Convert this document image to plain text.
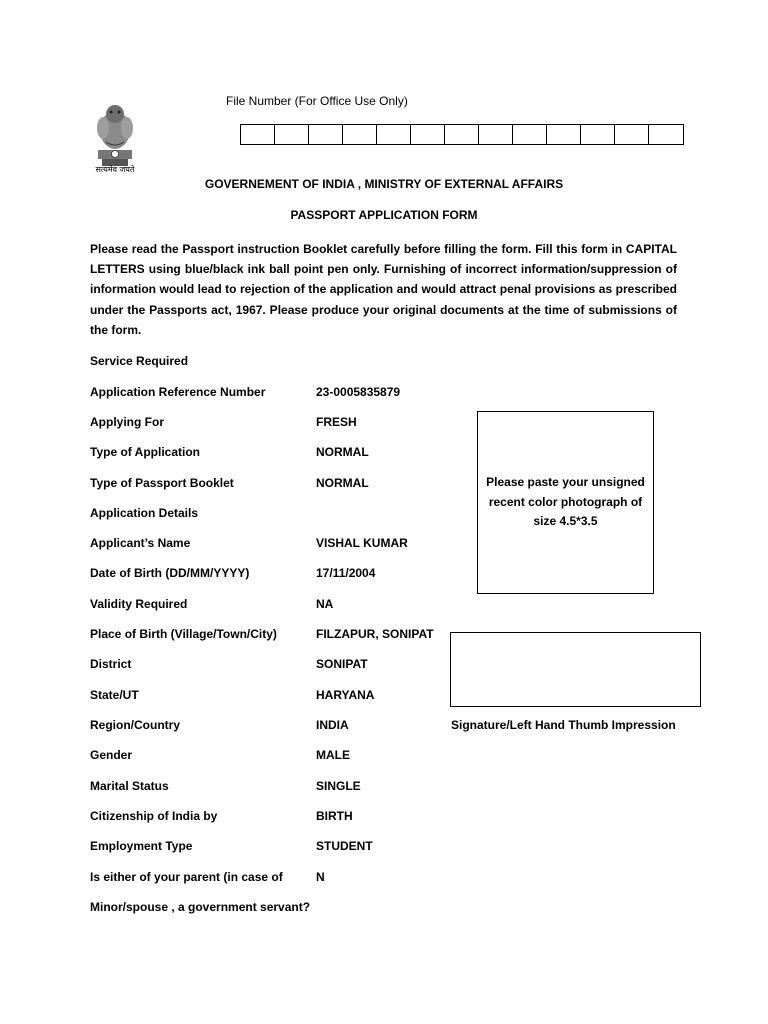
सत्यमेव जयते
File Number (For Office Use Only)
GOVERNEMENT OF INDIA , MINISTRY OF EXTERNAL AFFAIRS
PASSPORT APPLICATION FORM
Please read the Passport instruction Booklet carefully before filling the form. Fill this form in CAPITAL LETTERS using blue/black ink ball point pen only. Furnishing of incorrect information/suppression of information would lead to rejection of the application and would attract penal provisions as prescribed under the Passports act, 1967. Please produce your original documents at the time of submissions of the form.
Service Required
Application Reference Number	23-0005835879
Applying For	FRESH
Type of Application	NORMAL
Type of Passport Booklet	NORMAL
Application Details
Applicant’s Name	VISHAL KUMAR
Date of Birth (DD/MM/YYYY)	17/11/2004
Validity Required	NA
Place of Birth (Village/Town/City)	FILZAPUR, SONIPAT
District	SONIPAT
State/UT	HARYANA
Region/Country	INDIA
Gender	MALE
Marital Status	SINGLE
Citizenship of India by	BIRTH
Employment Type	STUDENT
Is either of your parent (in case of	N
Minor/spouse , a government servant?
Please paste your unsigned recent color photograph of size 4.5*3.5
Signature/Left Hand Thumb Impression
